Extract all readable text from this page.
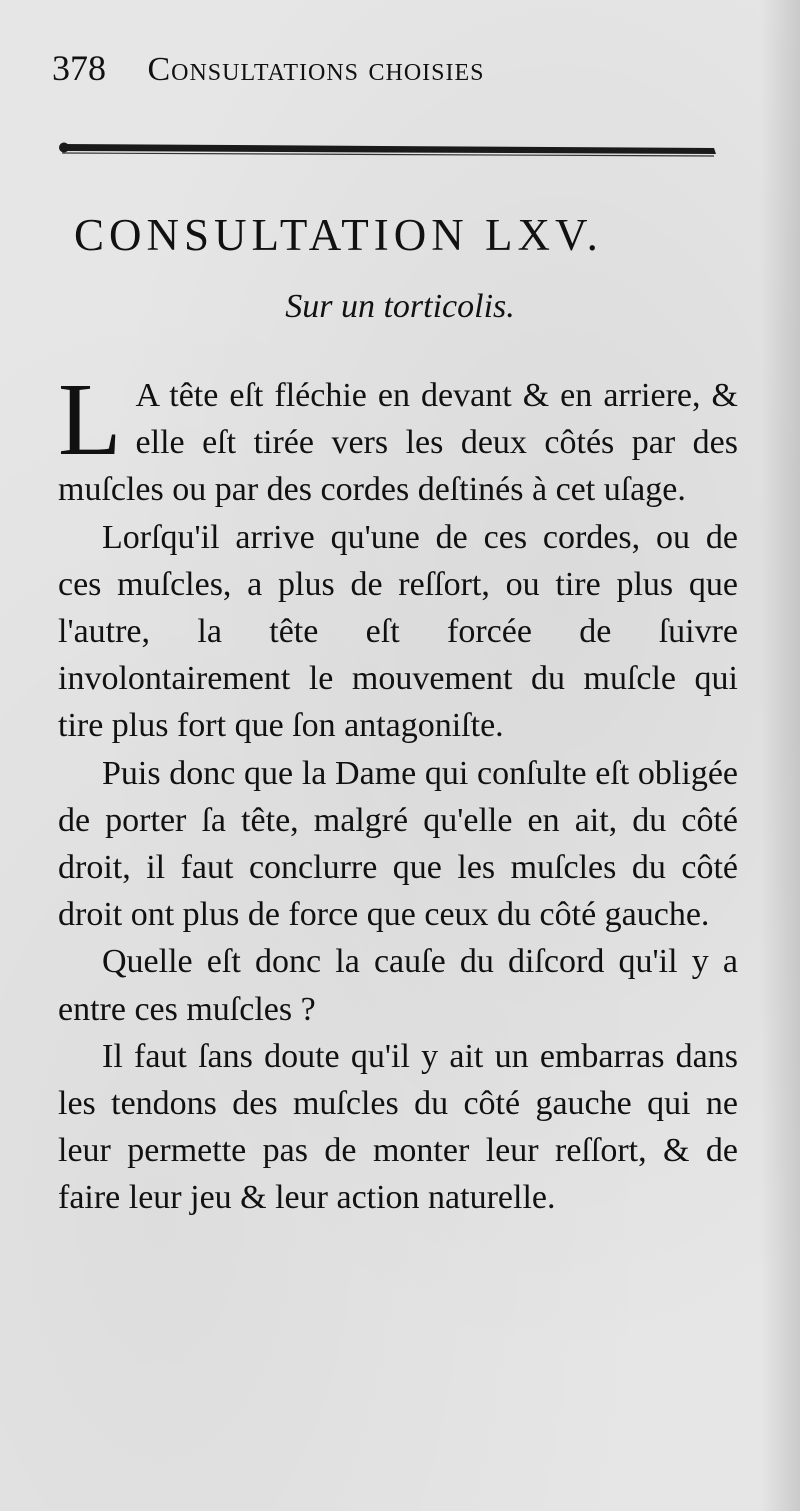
378 Consultations choisies
CONSULTATION LXV.
Sur un torticolis.

L A tête eſt fléchie en devant & en arriere, & elle eſt tirée vers les deux côtés par des muſcles ou par des cordes deſtinés à cet uſage.

Lorſqu'il arrive qu'une de ces cordes, ou de ces muſcles, a plus de reſſort, ou tire plus que l'autre, la tête eſt forcée de ſuivre involontairement le mouvement du muſcle qui tire plus fort que ſon antagoniſte.

Puis donc que la Dame qui conſulte eſt obligée de porter ſa tête, malgré qu'elle en ait, du côté droit, il faut conclurre que les muſcles du côté droit ont plus de force que ceux du côté gauche.

Quelle eſt donc la cauſe du diſcord qu'il y a entre ces muſcles ?

Il faut ſans doute qu'il y ait un embarras dans les tendons des muſcles du côté gauche qui ne leur permette pas de monter leur reſſort, & de faire leur jeu & leur action naturelle.
